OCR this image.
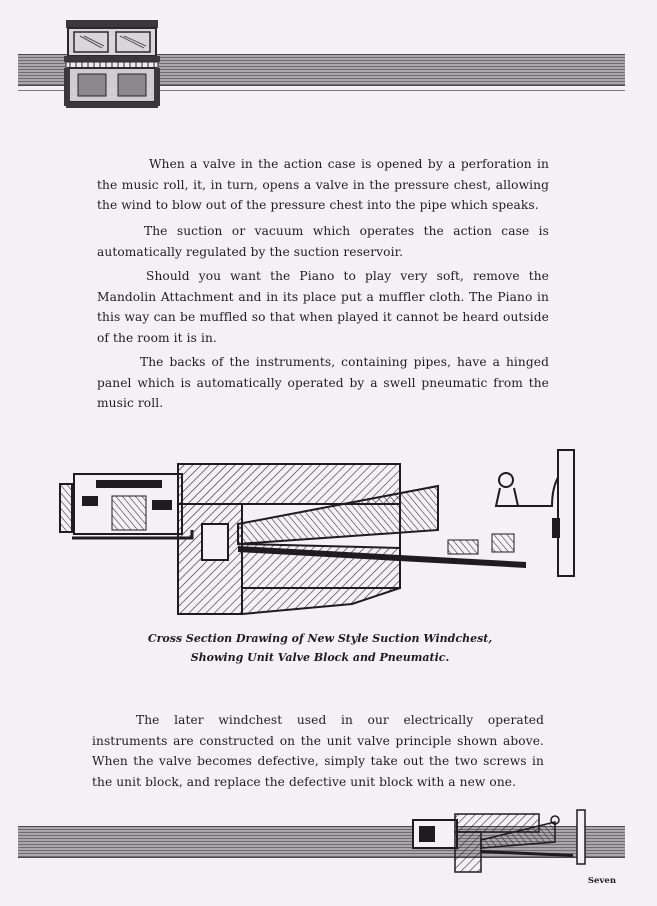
When a valve in the action case is opened by a perforation in the music roll, it, in turn, opens a valve in the pressure chest, allowing the wind to blow out of the pressure chest into the pipe which speaks.

The suction or vacuum which operates the action case is automatically regulated by the suction reservoir.

Should you want the Piano to play very soft, remove the Mandolin Attachment and in its place put a muffler cloth. The Piano in this way can be muffled so that when played it cannot be heard outside of the room it is in.

The backs of the instruments, containing pipes, have a hinged panel which is automatically operated by a swell pneumatic from the music roll.

Cross Section Drawing of New Style Suction Windchest,

Showing Unit Valve Block and Pneumatic.

The later windchest used in our electrically operated instruments are constructed on the unit valve principle shown above. When the valve becomes defective, simply take out the two screws in the unit block, and replace the defective unit block with a new one.

Seven
